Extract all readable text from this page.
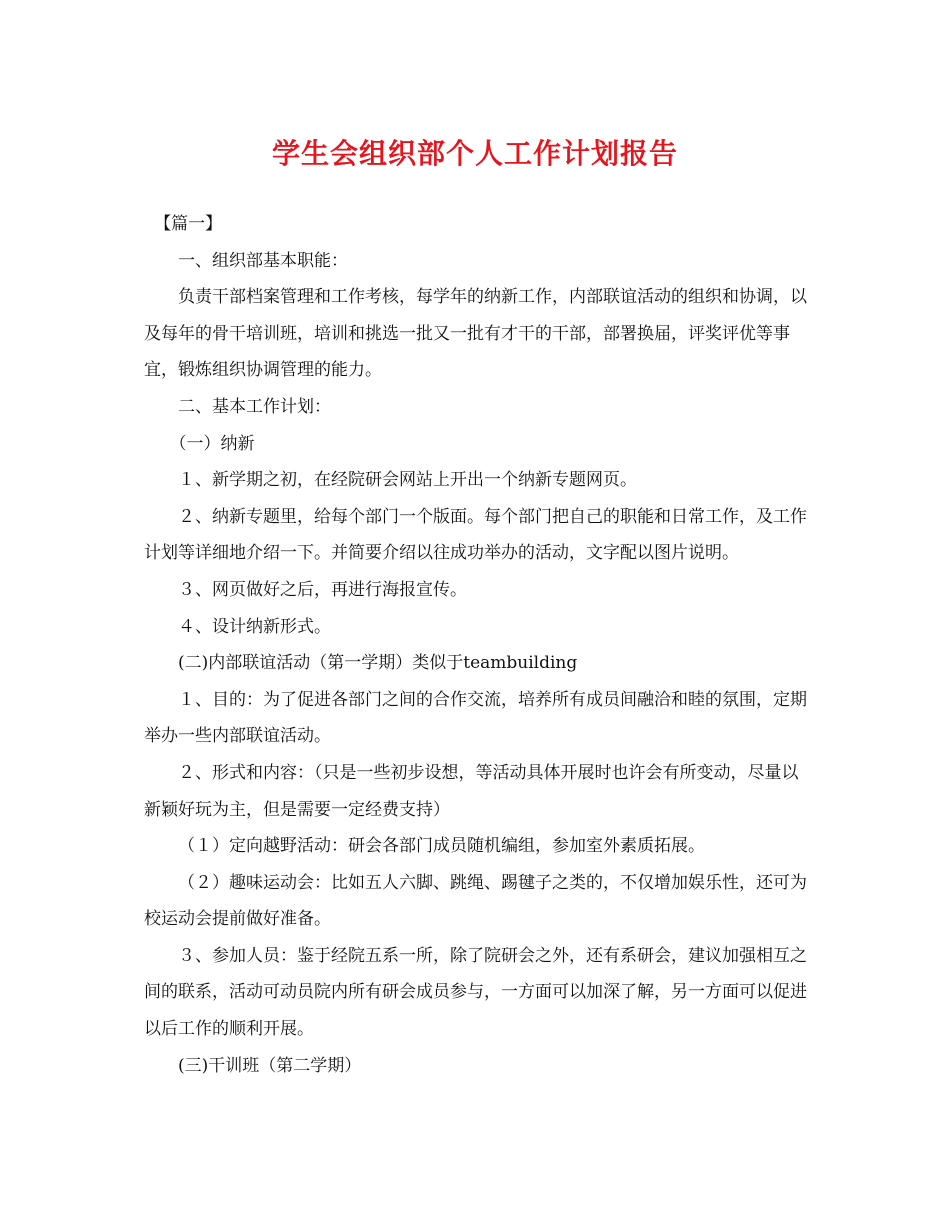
学生会组织部个人工作计划报告

【篇一】

一、组织部基本职能：

负责干部档案管理和工作考核，每学年的纳新工作，内部联谊活动的组织和协调，以及每年的骨干培训班，培训和挑选一批又一批有才干的干部，部署换届，评奖评优等事宜，锻炼组织协调管理的能力。

二、基本工作计划：

（一）纳新

１、新学期之初，在经院研会网站上开出一个纳新专题网页。

２、纳新专题里，给每个部门一个版面。每个部门把自己的职能和日常工作，及工作计划等详细地介绍一下。并简要介绍以往成功举办的活动，文字配以图片说明。

３、网页做好之后，再进行海报宣传。

４、设计纳新形式。

(二)内部联谊活动（第一学期）类似于teambuilding

１、目的：为了促进各部门之间的合作交流，培养所有成员间融洽和睦的氛围，定期举办一些内部联谊活动。

２、形式和内容：（只是一些初步设想，等活动具体开展时也许会有所变动，尽量以新颖好玩为主，但是需要一定经费支持）

（１）定向越野活动：研会各部门成员随机编组，参加室外素质拓展。

（２）趣味运动会：比如五人六脚、跳绳、踢毽子之类的，不仅增加娱乐性，还可为校运动会提前做好准备。

３、参加人员：鉴于经院五系一所，除了院研会之外，还有系研会，建议加强相互之间的联系，活动可动员院内所有研会成员参与，一方面可以加深了解，另一方面可以促进以后工作的顺利开展。

(三)干训班（第二学期）
